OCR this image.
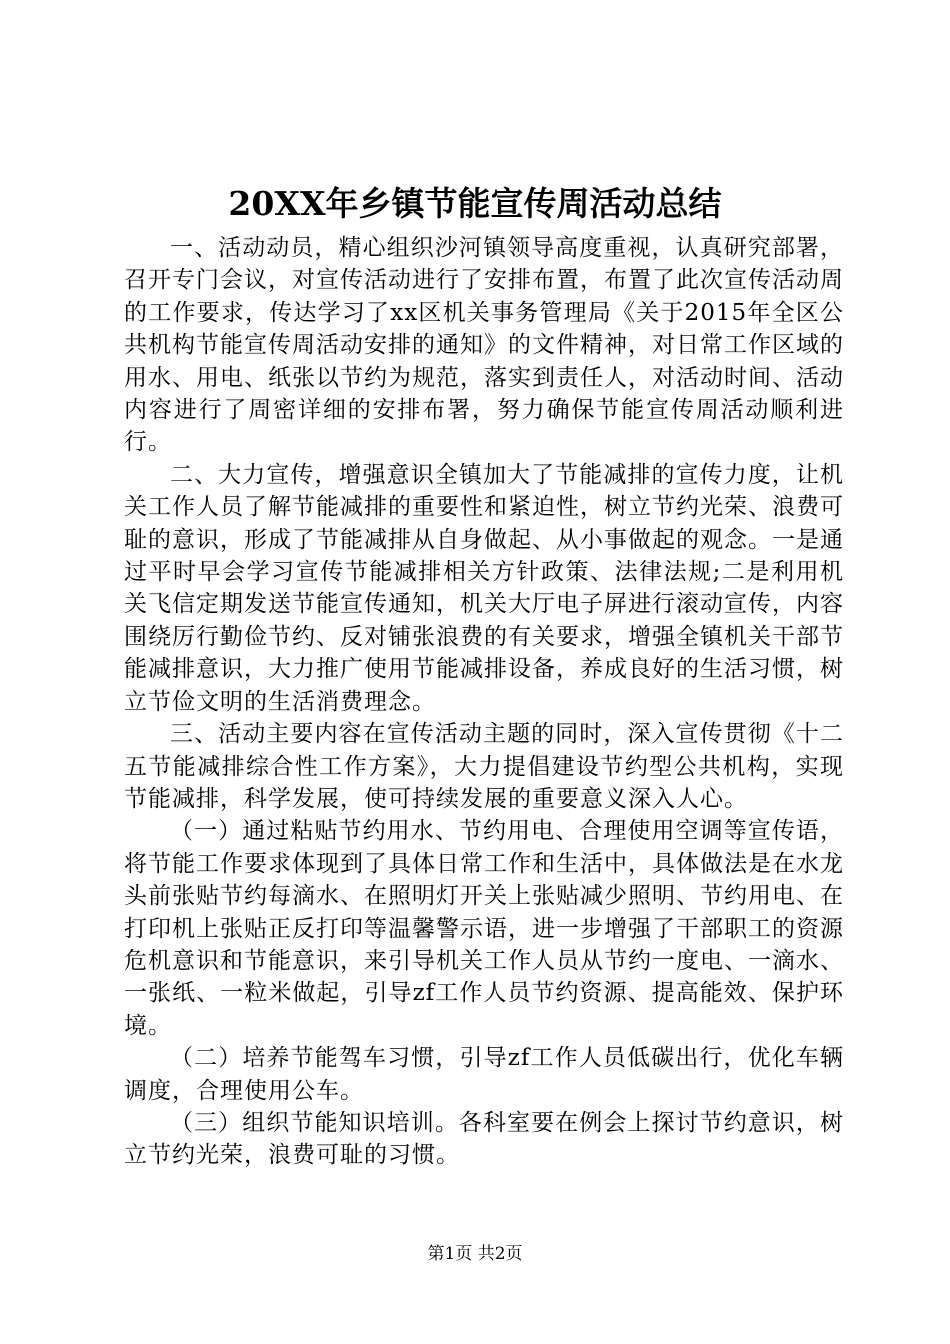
20XX年乡镇节能宣传周活动总结

一、活动动员，精心组织沙河镇领导高度重视，认真研究部署，召开专门会议，对宣传活动进行了安排布置，布置了此次宣传活动周的工作要求，传达学习了xx区机关事务管理局《关于2015年全区公共机构节能宣传周活动安排的通知》的文件精神，对日常工作区域的用水、用电、纸张以节约为规范，落实到责任人，对活动时间、活动内容进行了周密详细的安排布署，努力确保节能宣传周活动顺利进行。

二、大力宣传，增强意识全镇加大了节能减排的宣传力度，让机关工作人员了解节能减排的重要性和紧迫性，树立节约光荣、浪费可耻的意识，形成了节能减排从自身做起、从小事做起的观念。一是通过平时早会学习宣传节能减排相关方针政策、法律法规;二是利用机关飞信定期发送节能宣传通知，机关大厅电子屏进行滚动宣传，内容围绕厉行勤俭节约、反对铺张浪费的有关要求，增强全镇机关干部节能减排意识，大力推广使用节能减排设备，养成良好的生活习惯，树立节俭文明的生活消费理念。

三、活动主要内容在宣传活动主题的同时，深入宣传贯彻《十二五节能减排综合性工作方案》，大力提倡建设节约型公共机构，实现节能减排，科学发展，使可持续发展的重要意义深入人心。

（一）通过粘贴节约用水、节约用电、合理使用空调等宣传语，将节能工作要求体现到了具体日常工作和生活中，具体做法是在水龙头前张贴节约每滴水、在照明灯开关上张贴减少照明、节约用电、在打印机上张贴正反打印等温馨警示语，进一步增强了干部职工的资源危机意识和节能意识，来引导机关工作人员从节约一度电、一滴水、一张纸、一粒米做起，引导zf工作人员节约资源、提高能效、保护环境。

（二）培养节能驾车习惯，引导zf工作人员低碳出行，优化车辆调度，合理使用公车。

（三）组织节能知识培训。各科室要在例会上探讨节约意识，树立节约光荣，浪费可耻的习惯。

第1页 共2页
